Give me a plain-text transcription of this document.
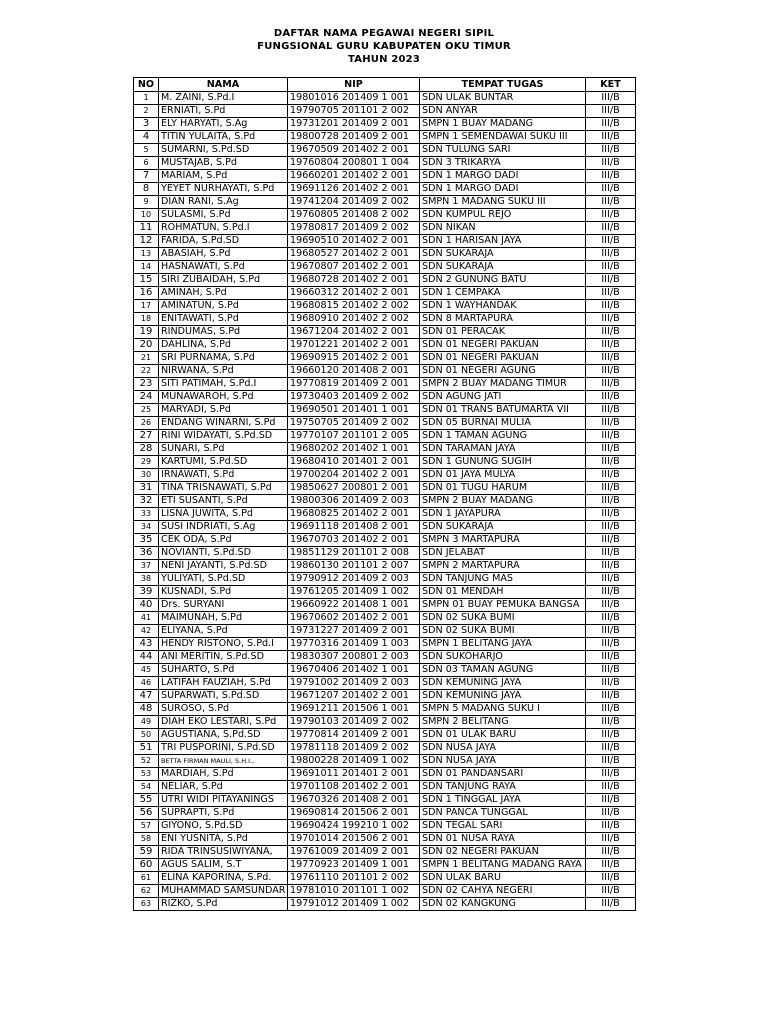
DAFTAR NAMA PEGAWAI NEGERI SIPIL
FUNGSIONAL GURU KABUPATEN OKU TIMUR
TAHUN 2023
NO	NAMA	NIP	TEMPAT TUGAS	KET
1	M. ZAINI, S.Pd.I	19801016 201409 1 001	SDN ULAK BUNTAR	III/B
2	ERNIATI, S.Pd	19790705 201101 2 002	SDN ANYAR	III/B
3	ELY HARYATI, S.Ag	19731201 201409 2 001	SMPN 1 BUAY MADANG	III/B
4	TITIN YULAITA, S.Pd	19800728 201409 2 001	SMPN 1 SEMENDAWAI SUKU III	III/B
5	SUMARNI, S.Pd.SD	19670509 201402 2 001	SDN TULUNG SARI	III/B
6	MUSTAJAB, S.Pd	19760804 200801 1 004	SDN 3 TRIKARYA	III/B
7	MARIAM, S.Pd	19660201 201402 2 001	SDN 1 MARGO DADI	III/B
8	YEYET NURHAYATI, S.Pd	19691126 201402 2 001	SDN 1 MARGO DADI	III/B
9	DIAN RANI, S.Ag	19741204 201409 2 002	SMPN 1 MADANG SUKU III	III/B
10	SULASMI, S.Pd	19760805 201408 2 002	SDN KUMPUL REJO	III/B
11	ROHMATUN, S.Pd.I	19780817 201409 2 002	SDN NIKAN	III/B
12	FARIDA, S.Pd.SD	19690510 201402 2 001	SDN 1 HARISAN JAYA	III/B
13	ABASIAH, S.Pd	19680527 201402 2 001	SDN SUKARAJA	III/B
14	HASNAWATI, S.Pd	19670807 201402 2 001	SDN SUKARAJA	III/B
15	SIRI ZUBAIDAH, S.Pd	19680728 201402 2 001	SDN 2 GUNUNG BATU	III/B
16	AMINAH, S.Pd	19660312 201402 2 001	SDN 1 CEMPAKA	III/B
17	AMINATUN, S.Pd	19680815 201402 2 002	SDN 1 WAYHANDAK	III/B
18	ENITAWATI, S.Pd	19680910 201402 2 002	SDN 8 MARTAPURA	III/B
19	RINDUMAS, S.Pd	19671204 201402 2 001	SDN 01 PERACAK	III/B
20	DAHLINA, S.Pd	19701221 201402 2 001	SDN 01 NEGERI PAKUAN	III/B
21	SRI PURNAMA, S.Pd	19690915 201402 2 001	SDN 01 NEGERI PAKUAN	III/B
22	NIRWANA, S.Pd	19660120 201408 2 001	SDN 01 NEGERI AGUNG	III/B
23	SITI PATIMAH, S.Pd.I	19770819 201409 2 001	SMPN 2 BUAY MADANG TIMUR	III/B
24	MUNAWAROH, S.Pd	19730403 201409 2 002	SDN AGUNG JATI	III/B
25	MARYADI, S.Pd	19690501 201401 1 001	SDN 01 TRANS BATUMARTA VII	III/B
26	ENDANG WINARNI, S.Pd	19750705 201409 2 002	SDN 05 BURNAI MULIA	III/B
27	RINI WIDAYATI, S.Pd.SD	19770107 201101 2 005	SDN 1 TAMAN AGUNG	III/B
28	SUNARI, S.Pd	19680202 201402 1 001	SDN TARAMAN JAYA	III/B
29	KARTUMI, S.Pd.SD	19680410 201401 2 001	SDN 1 GUNUNG SUGIH	III/B
30	IRNAWATI, S.Pd	19700204 201402 2 001	SDN 01 JAYA MULYA	III/B
31	TINA TRISNAWATI, S.Pd	19850627 200801 2 001	SDN 01 TUGU HARUM	III/B
32	ETI SUSANTI, S.Pd	19800306 201409 2 003	SMPN 2 BUAY MADANG	III/B
33	LISNA JUWITA, S.Pd	19680825 201402 2 001	SDN 1 JAYAPURA	III/B
34	SUSI INDRIATI, S.Ag	19691118 201408 2 001	SDN SUKARAJA	III/B
35	CEK ODA, S.Pd	19670703 201402 2 001	SMPN 3 MARTAPURA	III/B
36	NOVIANTI, S.Pd.SD	19851129 201101 2 008	SDN JELABAT	III/B
37	NENI JAYANTI, S.Pd.SD	19860130 201101 2 007	SMPN 2 MARTAPURA	III/B
38	YULIYATI, S.Pd.SD	19790912 201409 2 003	SDN TANJUNG MAS	III/B
39	KUSNADI, S.Pd	19761205 201409 1 002	SDN 01 MENDAH	III/B
40	Drs. SURYANI	19660922 201408 1 001	SMPN 01 BUAY PEMUKA BANGSA	III/B
41	MAIMUNAH, S.Pd	19670602 201402 2 001	SDN 02 SUKA BUMI	III/B
42	ELIYANA, S.Pd	19731227 201409 2 001	SDN 02 SUKA BUMI	III/B
43	HENDY RISTONO, S.Pd.I	19770316 201409 1 003	SMPN 1 BELITANG JAYA	III/B
44	ANI MERITIN, S.Pd.SD	19830307 200801 2 003	SDN SUKOHARJO	III/B
45	SUHARTO, S.Pd	19670406 201402 1 001	SDN 03 TAMAN AGUNG	III/B
46	LATIFAH FAUZIAH, S.Pd	19791002 201409 2 003	SDN KEMUNING JAYA	III/B
47	SUPARWATI, S.Pd.SD	19671207 201402 2 001	SDN KEMUNING JAYA	III/B
48	SUROSO, S.Pd	19691211 201506 1 001	SMPN 5 MADANG SUKU I	III/B
49	DIAH EKO LESTARI, S.Pd	19790103 201409 2 002	SMPN 2 BELITANG	III/B
50	AGUSTIANA, S.Pd.SD	19770814 201409 2 001	SDN 01 ULAK BARU	III/B
51	TRI PUSPORINI, S.Pd.SD	19781118 201409 2 002	SDN NUSA JAYA	III/B
52	BETTA FIRMAN MAULI, S.H.I.,	19800228 201409 1 002	SDN NUSA JAYA	III/B
53	MARDIAH, S.Pd	19691011 201401 2 001	SDN 01 PANDANSARI	III/B
54	NELIAR, S.Pd	19701108 201402 2 001	SDN TANJUNG RAYA	III/B
55	UTRI WIDI PITAYANINGS	19670326 201408 2 001	SDN 1 TINGGAL JAYA	III/B
56	SUPRAPTI, S.Pd	19690814 201506 2 001	SDN PANCA TUNGGAL	III/B
57	GIYONO, S.Pd.SD	19690424 199210 1 002	SDN TEGAL SARI	III/B
58	ENI YUSNITA, S.Pd	19701014 201506 2 001	SDN 01 NUSA RAYA	III/B
59	RIDA TRINSUSIWIYANA,	19761009 201409 2 001	SDN 02 NEGERI PAKUAN	III/B
60	AGUS SALIM, S.T	19770923 201409 1 001	SMPN 1 BELITANG MADANG RAYA	III/B
61	ELINA KAPORINA, S.Pd.	19761110 201101 2 002	SDN ULAK BARU	III/B
62	MUHAMMAD SAMSUNDAR	19781010 201101 1 002	SDN 02 CAHYA NEGERI	III/B
63	RIZKO, S.Pd	19791012 201409 1 002	SDN 02 KANGKUNG	III/B
